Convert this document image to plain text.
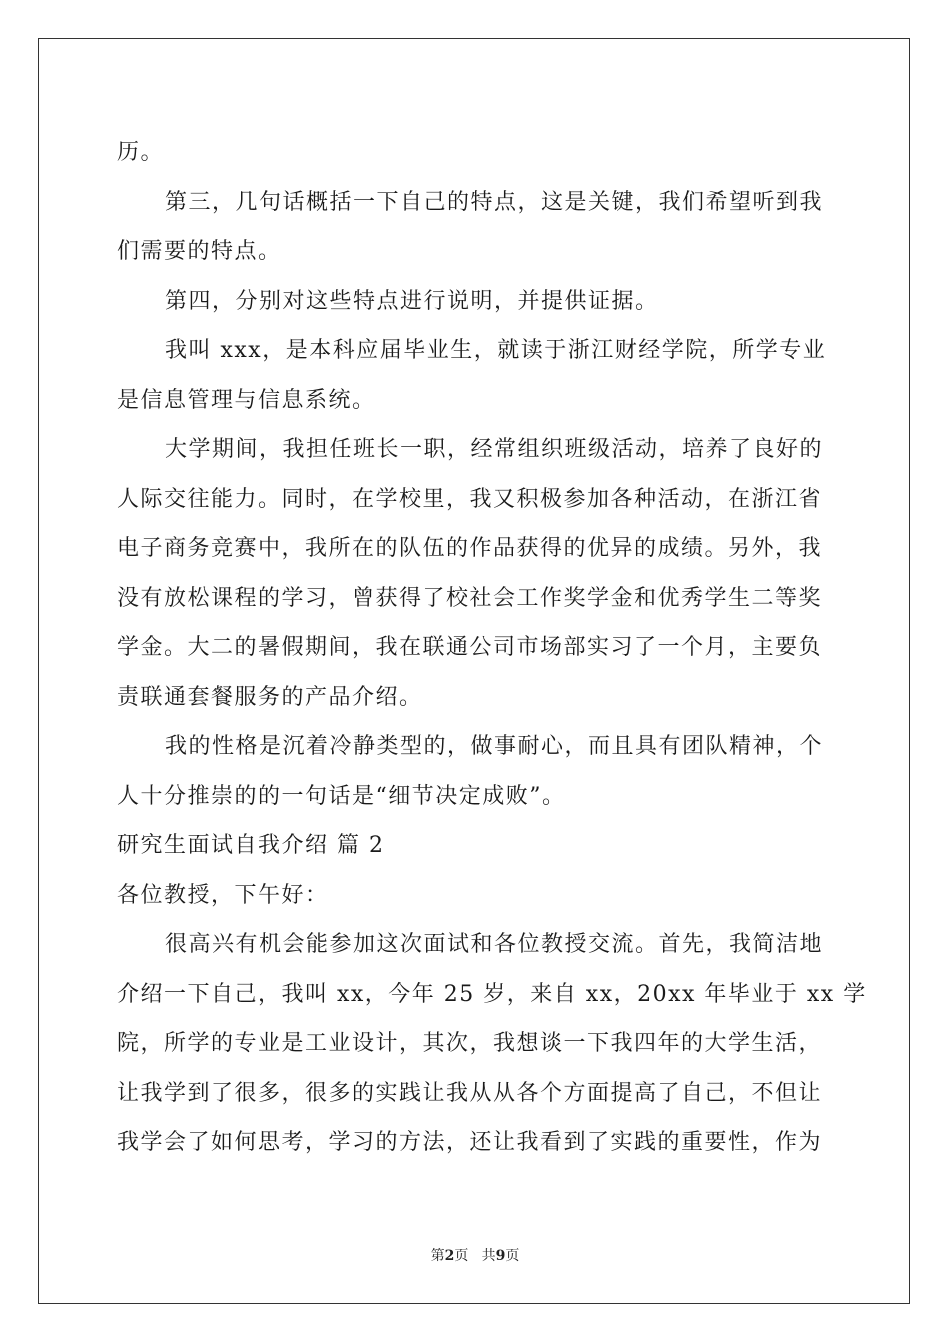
历。
第三，几句话概括一下自己的特点，这是关键，我们希望听到我
们需要的特点。
第四，分别对这些特点进行说明，并提供证据。
我叫 xxx，是本科应届毕业生，就读于浙江财经学院，所学专业
是信息管理与信息系统。
大学期间，我担任班长一职，经常组织班级活动，培养了良好的
人际交往能力。同时，在学校里，我又积极参加各种活动，在浙江省
电子商务竞赛中，我所在的队伍的作品获得的优异的成绩。另外，我
没有放松课程的学习，曾获得了校社会工作奖学金和优秀学生二等奖
学金。大二的暑假期间，我在联通公司市场部实习了一个月，主要负
责联通套餐服务的产品介绍。
我的性格是沉着冷静类型的，做事耐心，而且具有团队精神，个
人十分推崇的的一句话是“细节决定成败”。
研究生面试自我介绍 篇 2
各位教授，下午好：
很高兴有机会能参加这次面试和各位教授交流。首先，我简洁地
介绍一下自己，我叫 xx，今年 25 岁，来自 xx，20xx 年毕业于 xx 学
院，所学的专业是工业设计，其次，我想谈一下我四年的大学生活，
让我学到了很多，很多的实践让我从从各个方面提高了自己，不但让
我学会了如何思考，学习的方法，还让我看到了实践的重要性，作为
第2页 共9页
